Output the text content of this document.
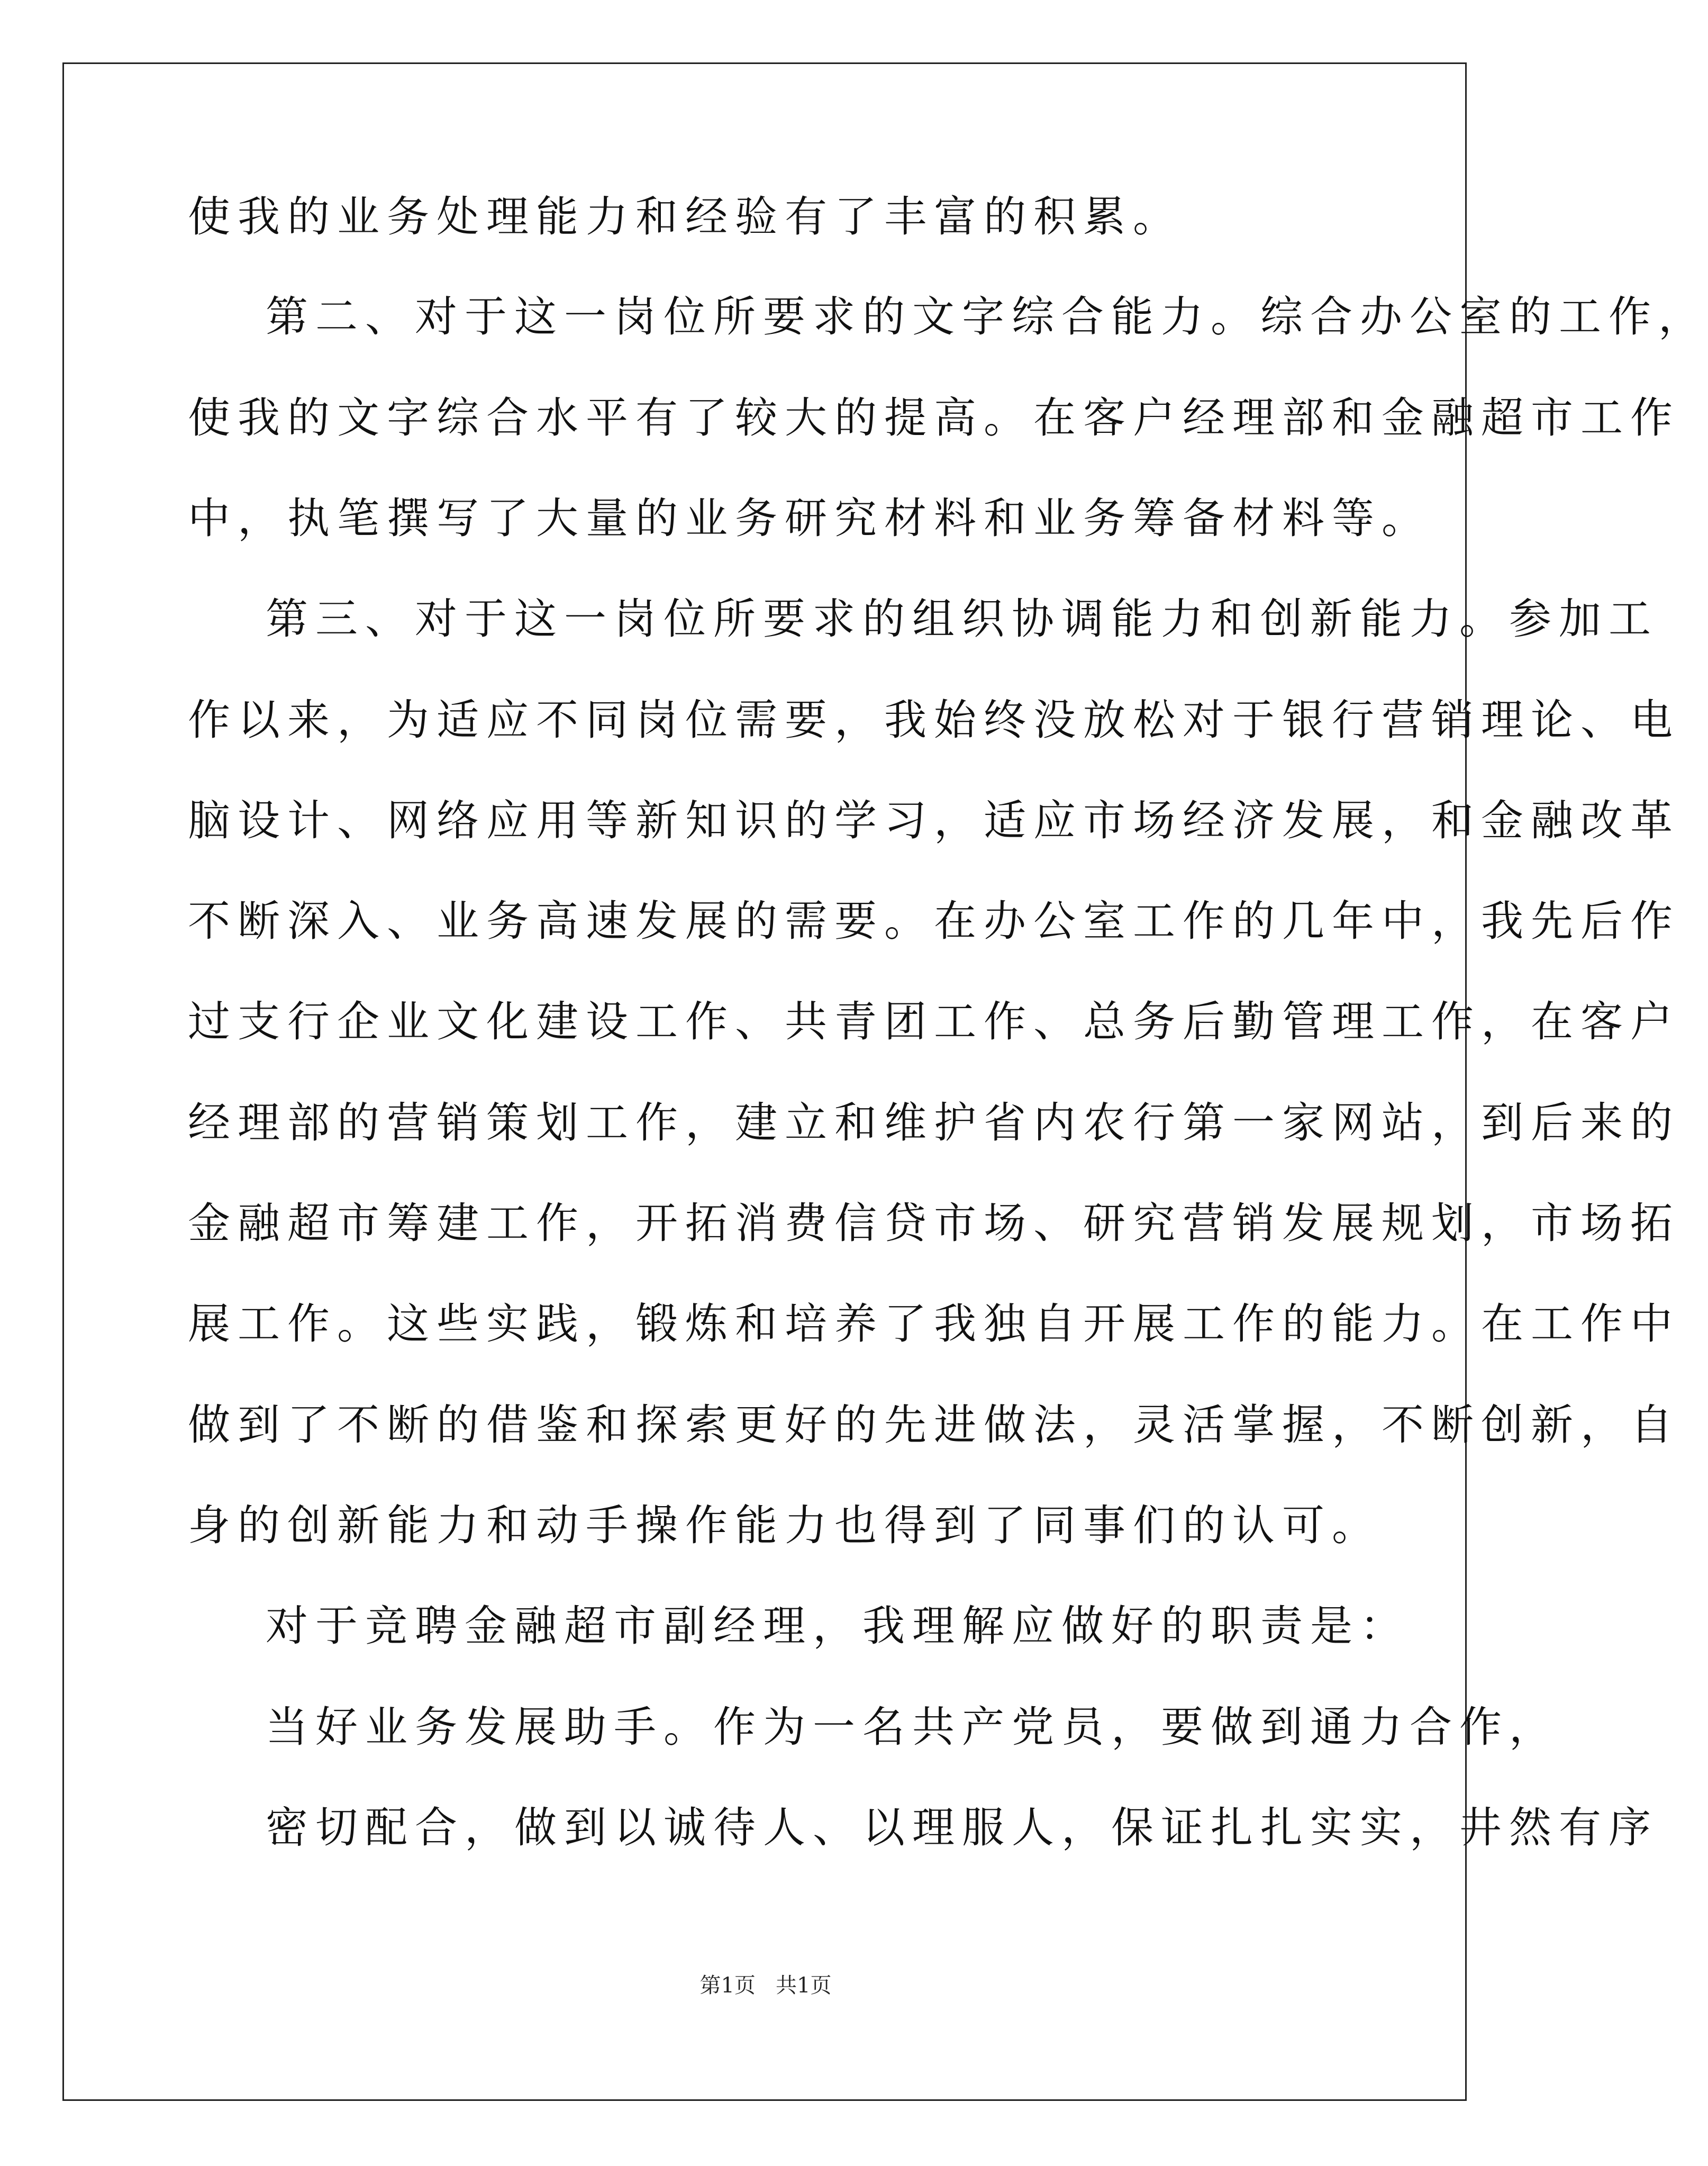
使我的业务处理能力和经验有了丰富的积累。
第二、对于这一岗位所要求的文字综合能力。综合办公室的工作，
使我的文字综合水平有了较大的提高。在客户经理部和金融超市工作
中，执笔撰写了大量的业务研究材料和业务筹备材料等。
第三、对于这一岗位所要求的组织协调能力和创新能力。参加工
作以来，为适应不同岗位需要，我始终没放松对于银行营销理论、电
脑设计、网络应用等新知识的学习，适应市场经济发展，和金融改革
不断深入、业务高速发展的需要。在办公室工作的几年中，我先后作
过支行企业文化建设工作、共青团工作、总务后勤管理工作，在客户
经理部的营销策划工作，建立和维护省内农行第一家网站，到后来的
金融超市筹建工作，开拓消费信贷市场、研究营销发展规划，市场拓
展工作。这些实践，锻炼和培养了我独自开展工作的能力。在工作中
做到了不断的借鉴和探索更好的先进做法，灵活掌握，不断创新，自
身的创新能力和动手操作能力也得到了同事们的认可。
对于竞聘金融超市副经理，我理解应做好的职责是：
当好业务发展助手。作为一名共产党员，要做到通力合作，
密切配合，做到以诚待人、以理服人，保证扎扎实实，井然有序
第1页   共1页
